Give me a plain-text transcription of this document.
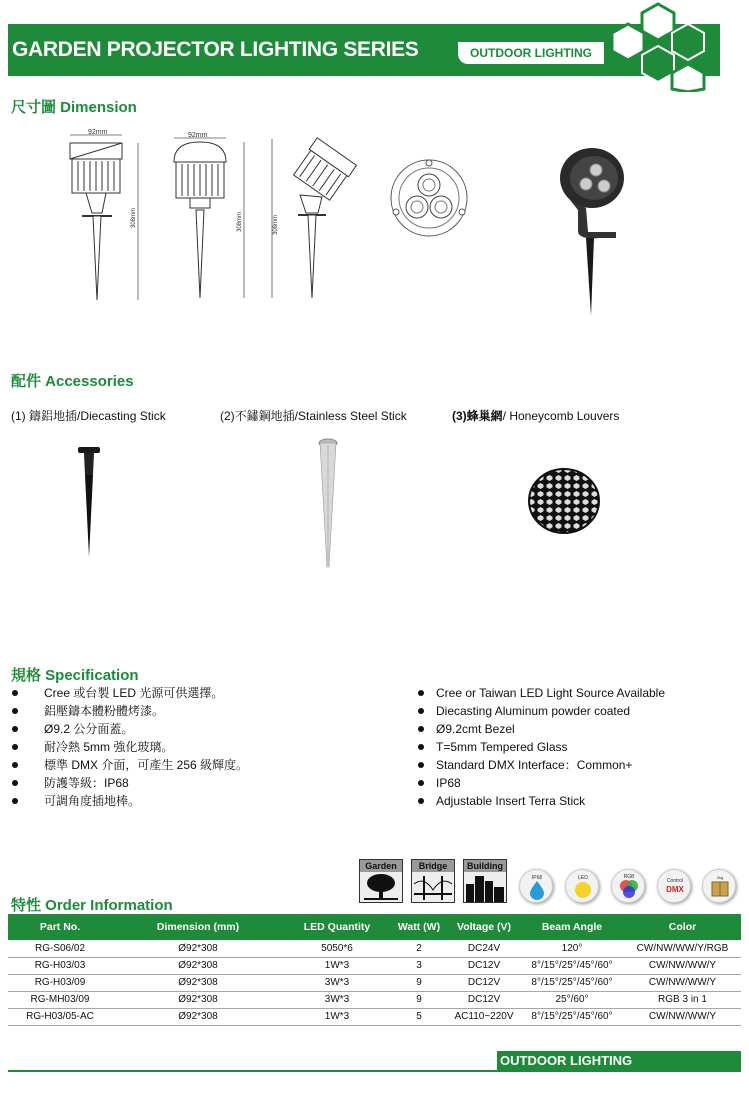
GARDEN PROJECTOR LIGHTING SERIES	OUTDOOR LIGHTING
尺寸圖 Dimension
92mm
308mm
92mm
308mm	308mm
配件 Accessories
(1) 鑄鋁地插/Diecasting Stick	(2)不鏽鋼地插/Stainless Steel Stick	(3)蜂巢網/ Honeycomb Louvers
規格 Specification
Cree 或台製 LED 光源可供選擇。
鋁壓鑄本體粉體烤漆。
Ø9.2 公分面蓋。
耐冷熱 5mm 強化玻璃。
標準 DMX 介面，可產生 256 級輝度。
防護等級：IP68
可調角度插地棒。
Cree or Taiwan LED Light Source Available
Diecasting Aluminum powder coated
Ø9.2cmt Bezel
T=5mm Tempered Glass
Standard DMX Interface：Common+
IP68
Adjustable Insert Terra Stick
Garden	Bridge	Building
IP68	LED	RGB
Control
DMX
2kg
特性 Order Information
Part No.	Dimension (mm)	LED Quantity	Watt (W)	Voltage (V)	Beam Angle	Color
RG-S06/02	Ø92*308	5050*6	2	DC24V	120°	CW/NW/WW/Y/RGB
RG-H03/03	Ø92*308	1W*3	3	DC12V	8°/15°/25°/45°/60°	CW/NW/WW/Y
RG-H03/09	Ø92*308	3W*3	9	DC12V	8°/15°/25°/45°/60°	CW/NW/WW/Y
RG-MH03/09	Ø92*308	3W*3	9	DC12V	25°/60°	RGB 3 in 1
RG-H03/05-AC	Ø92*308	1W*3	5	AC110~220V	8°/15°/25°/45°/60°	CW/NW/WW/Y
OUTDOOR LIGHTING
